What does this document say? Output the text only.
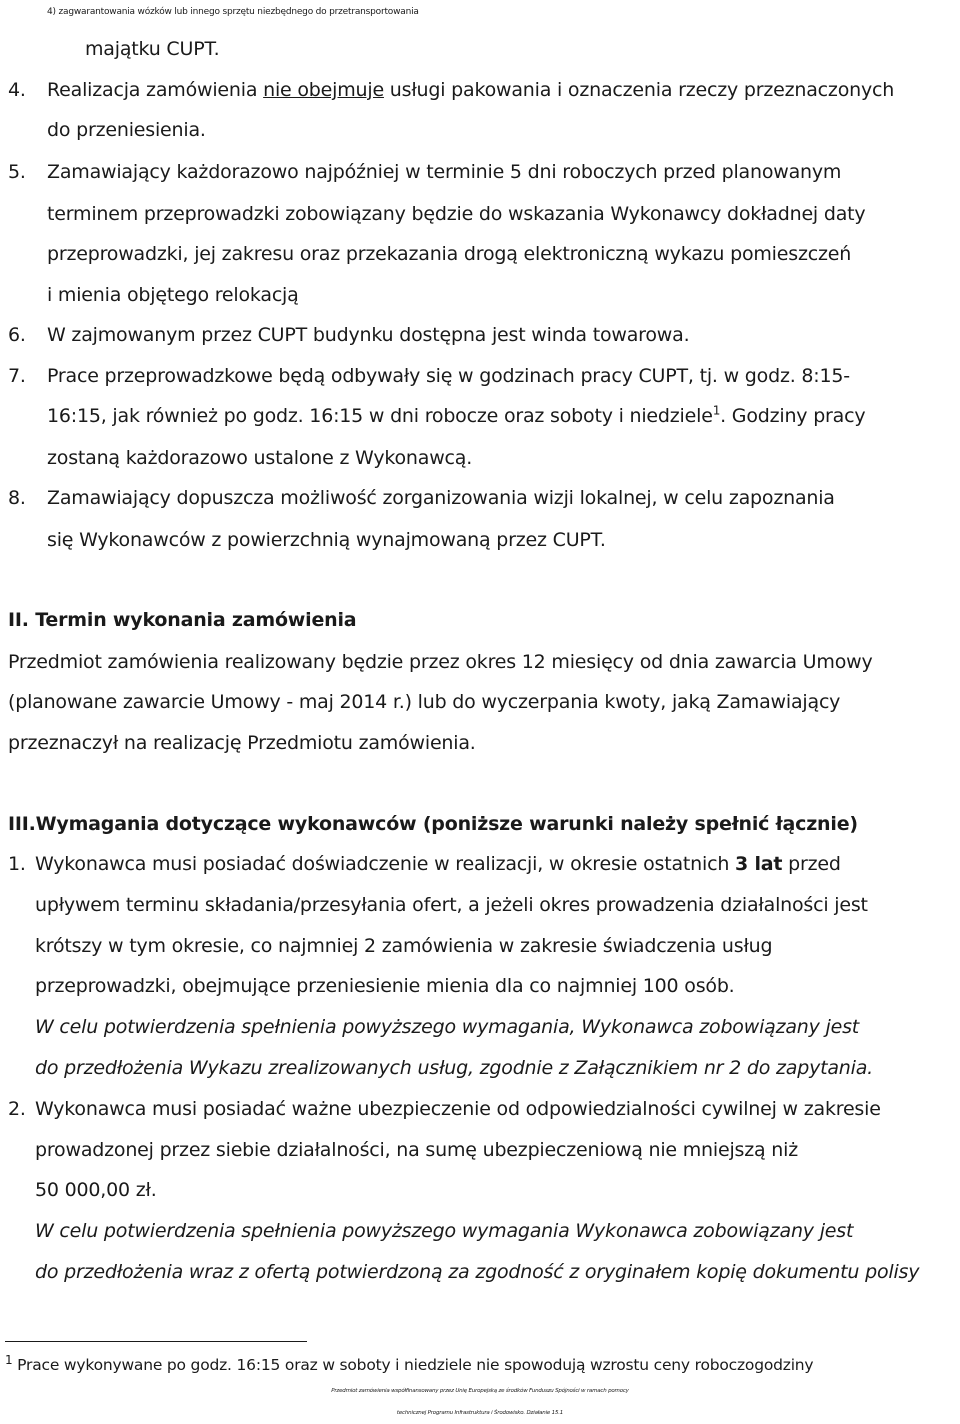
4) zagwarantowania wózków lub innego sprzętu niezbędnego do przetransportowania
majątku CUPT.
4. Realizacja zamówienia nie obejmuje usługi pakowania i oznaczenia rzeczy przeznaczonych
do przeniesienia.
5. Zamawiający każdorazowo najpóźniej w terminie 5 dni roboczych przed planowanym
terminem przeprowadzki zobowiązany będzie do wskazania Wykonawcy dokładnej daty
przeprowadzki, jej zakresu oraz przekazania drogą elektroniczną wykazu pomieszczeń
i mienia objętego relokacją
6. W zajmowanym przez CUPT budynku dostępna jest winda towarowa.
7. Prace przeprowadzkowe będą odbywały się w godzinach pracy CUPT, tj. w godz. 8:15-
16:15, jak również po godz. 16:15 w dni robocze oraz soboty i niedziele$^1$. Godziny pracy
zostaną każdorazowo ustalone z Wykonawcą.
8. Zamawiający dopuszcza możliwość zorganizowania wizji lokalnej, w celu zapoznania
się Wykonawców z powierzchnią wynajmowaną przez CUPT.
II. Termin wykonania zamówienia
Przedmiot zamówienia realizowany będzie przez okres 12 miesięcy od dnia zawarcia Umowy
(planowane zawarcie Umowy - maj 2014 r.) lub do wyczerpania kwoty, jaką Zamawiający
przeznaczył na realizację Przedmiotu zamówienia.
III.Wymagania dotyczące wykonawców (poniższe warunki należy spełnić łącznie)
1. Wykonawca musi posiadać doświadczenie w realizacji, w okresie ostatnich 3 lat przed
upływem terminu składania/przesyłania ofert, a jeżeli okres prowadzenia działalności jest
krótszy w tym okresie, co najmniej 2 zamówienia w zakresie świadczenia usług
przeprowadzki, obejmujące przeniesienie mienia dla co najmniej 100 osób.
W celu potwierdzenia spełnienia powyższego wymagania, Wykonawca zobowiązany jest
do przedłożenia Wykazu zrealizowanych usług, zgodnie z Załącznikiem nr 2 do zapytania.
2. Wykonawca musi posiadać ważne ubezpieczenie od odpowiedzialności cywilnej w zakresie
prowadzonej przez siebie działalności, na sumę ubezpieczeniową nie mniejszą niż
50 000,00 zł.
W celu potwierdzenia spełnienia powyższego wymagania Wykonawca zobowiązany jest
do przedłożenia wraz z ofertą potwierdzoną za zgodność z oryginałem kopię dokumentu polisy
$^1$ Prace wykonywane po godz. 16:15 oraz w soboty i niedziele nie spowodują wzrostu ceny roboczogodziny
Przedmiot zamówienia współfinansowany przez Unię Europejską ze środków Funduszu Spójności w ramach pomocy
technicznej Programu Infrastruktura i Środowisko. Działanie 15.1
